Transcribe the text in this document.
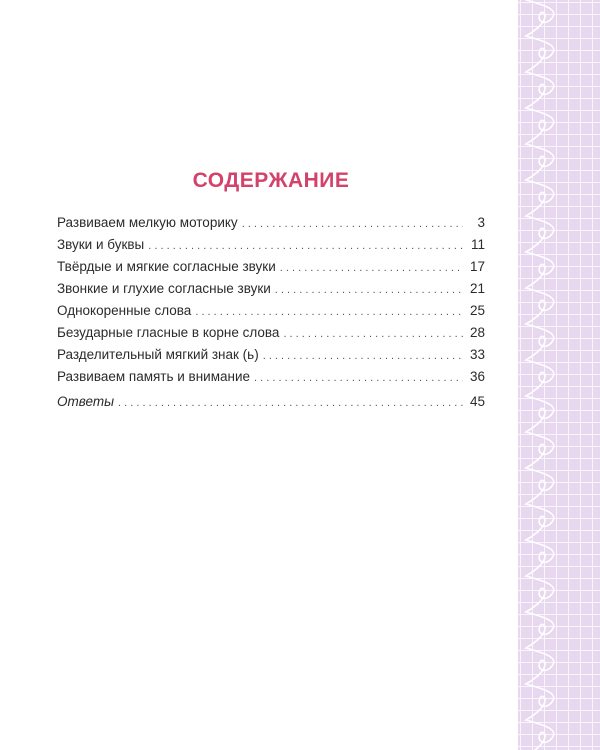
СОДЕРЖАНИЕ
Развиваем мелкую моторику . . .	3
Звуки и буквы . . .	11
Твёрдые и мягкие согласные звуки . . .	17
Звонкие и глухие согласные звуки . . .	21
Однокоренные слова . . .	25
Безударные гласные в корне слова . . .	28
Разделительный мягкий знак (ь) . . .	33
Развиваем память и внимание . . .	36
Ответы . . .	45
